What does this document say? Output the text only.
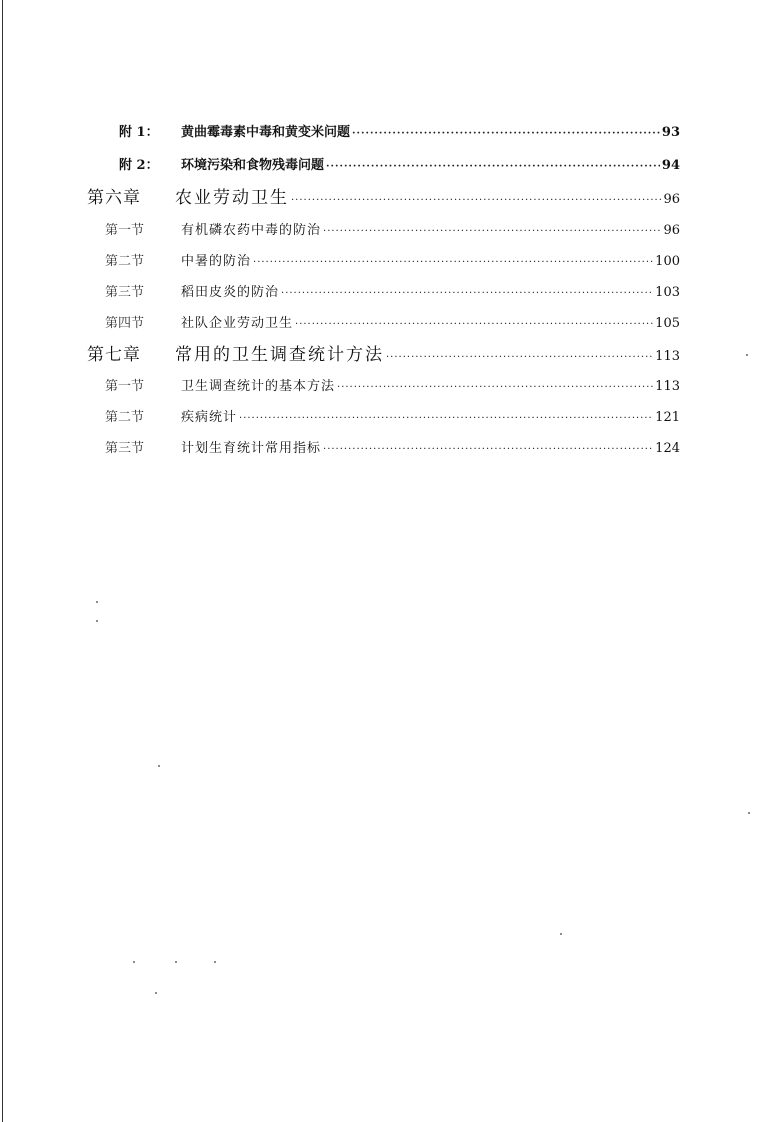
附 1：	黄曲霉毒素中毒和黄变米问题 ·····	93
附 2：	环境污染和食物残毒问题 ·····	94
第六章	农业劳动卫生 ·····	96
第一节	有机磷农药中毒的防治 ·····	96
第二节	中暑的防治 ·····	100
第三节	稻田皮炎的防治 ·····	103
第四节	社队企业劳动卫生 ·····	105
第七章	常用的卫生调查统计方法 ·····	113
第一节	卫生调查统计的基本方法 ·····	113
第二节	疾病统计 ·····	121
第三节	计划生育统计常用指标 ·····	124
